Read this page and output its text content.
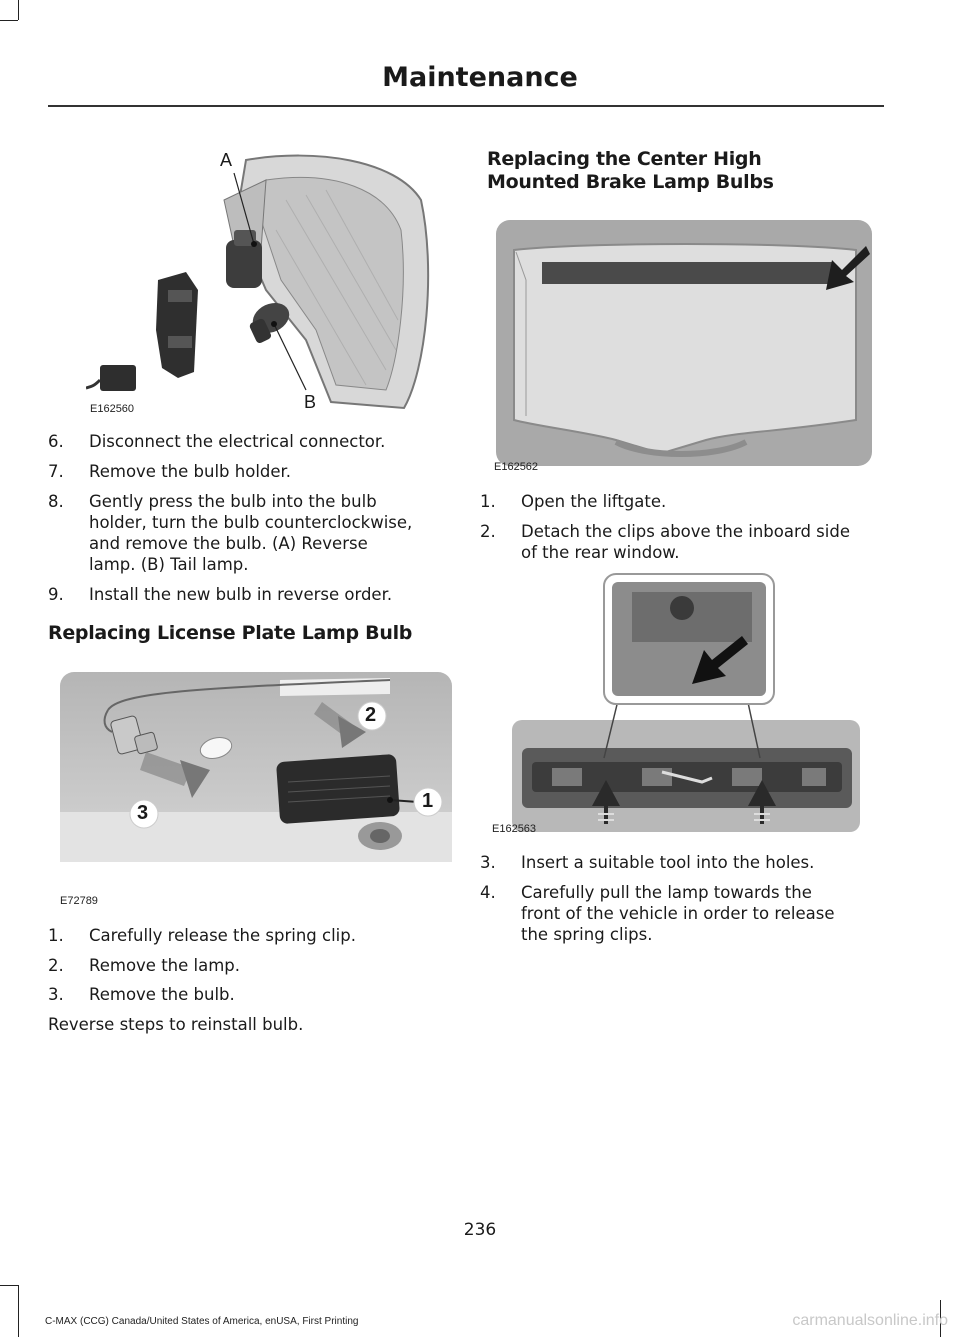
Maintenance
A
B
E162560
6. Disconnect the electrical connector.
7. Remove the bulb holder.
8. Gently press the bulb into the bulb
holder, turn the bulb counterclockwise,
and remove the bulb. (A) Reverse
lamp. (B) Tail lamp.
9. Install the new bulb in reverse order.
Replacing License Plate Lamp Bulb
2
3
1
E72789
1. Carefully release the spring clip.
2. Remove the lamp.
3. Remove the bulb.
Reverse steps to reinstall bulb.
Replacing the Center High
Mounted Brake Lamp Bulbs
E162562
1. Open the liftgate.
2. Detach the clips above the inboard side
of the rear window.
E162563
3. Insert a suitable tool into the holes.
4. Carefully pull the lamp towards the
front of the vehicle in order to release
the spring clips.
236
C-MAX (CCG) Canada/United States of America, enUSA, First Printing	carmanualsonline.info
